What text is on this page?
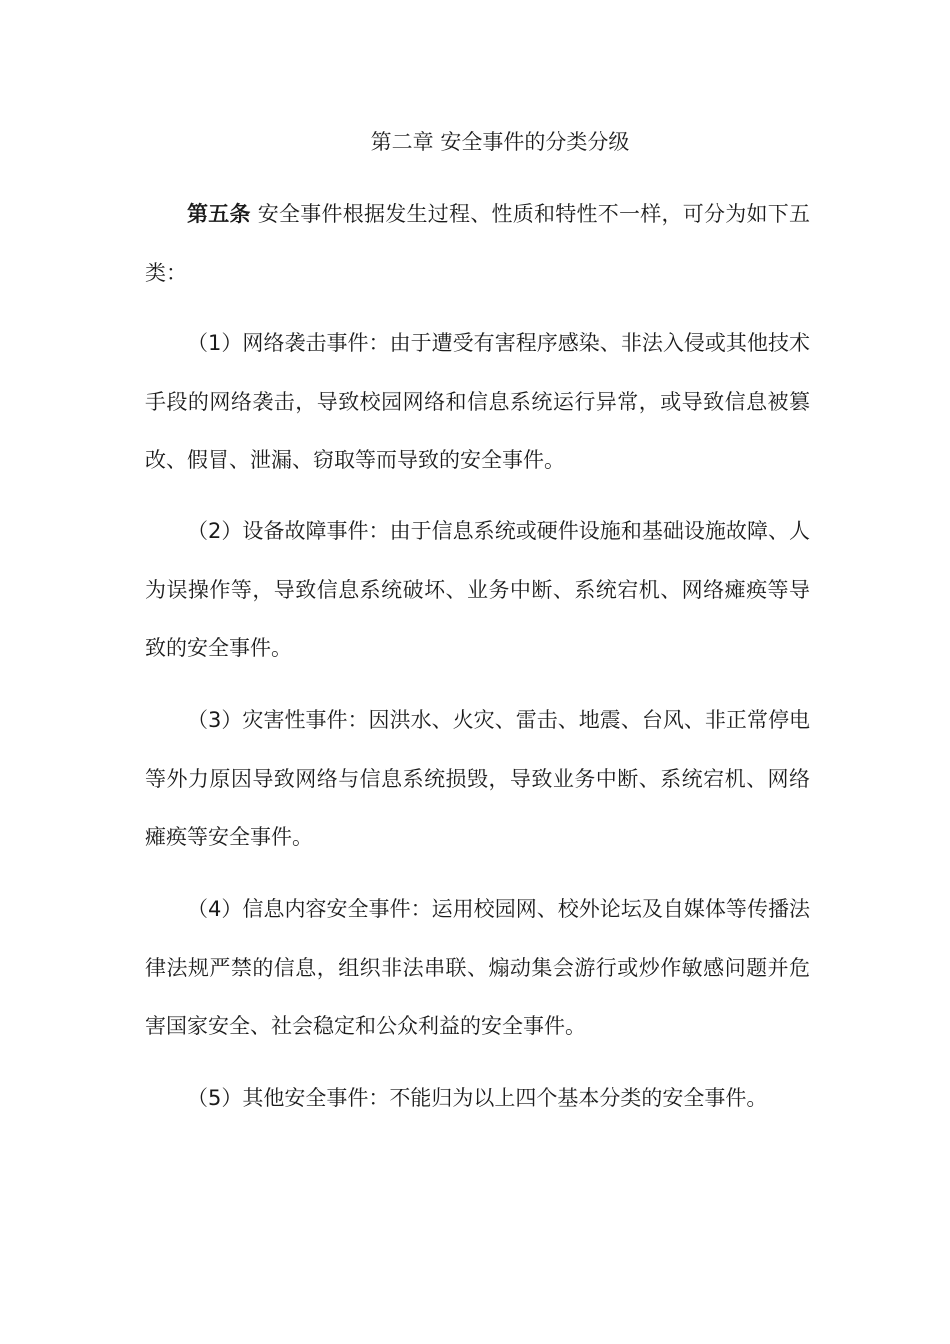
第二章 安全事件的分类分级

第五条 安全事件根据发生过程、性质和特性不一样，可分为如下五类：

（1）网络袭击事件：由于遭受有害程序感染、非法入侵或其他技术手段的网络袭击，导致校园网络和信息系统运行异常，或导致信息被篡改、假冒、泄漏、窃取等而导致的安全事件。

（2）设备故障事件：由于信息系统或硬件设施和基础设施故障、人为误操作等，导致信息系统破坏、业务中断、系统宕机、网络瘫痪等导致的安全事件。

（3）灾害性事件：因洪水、火灾、雷击、地震、台风、非正常停电等外力原因导致网络与信息系统损毁，导致业务中断、系统宕机、网络瘫痪等安全事件。

（4）信息内容安全事件：运用校园网、校外论坛及自媒体等传播法律法规严禁的信息，组织非法串联、煽动集会游行或炒作敏感问题并危害国家安全、社会稳定和公众利益的安全事件。

（5）其他安全事件：不能归为以上四个基本分类的安全事件。
